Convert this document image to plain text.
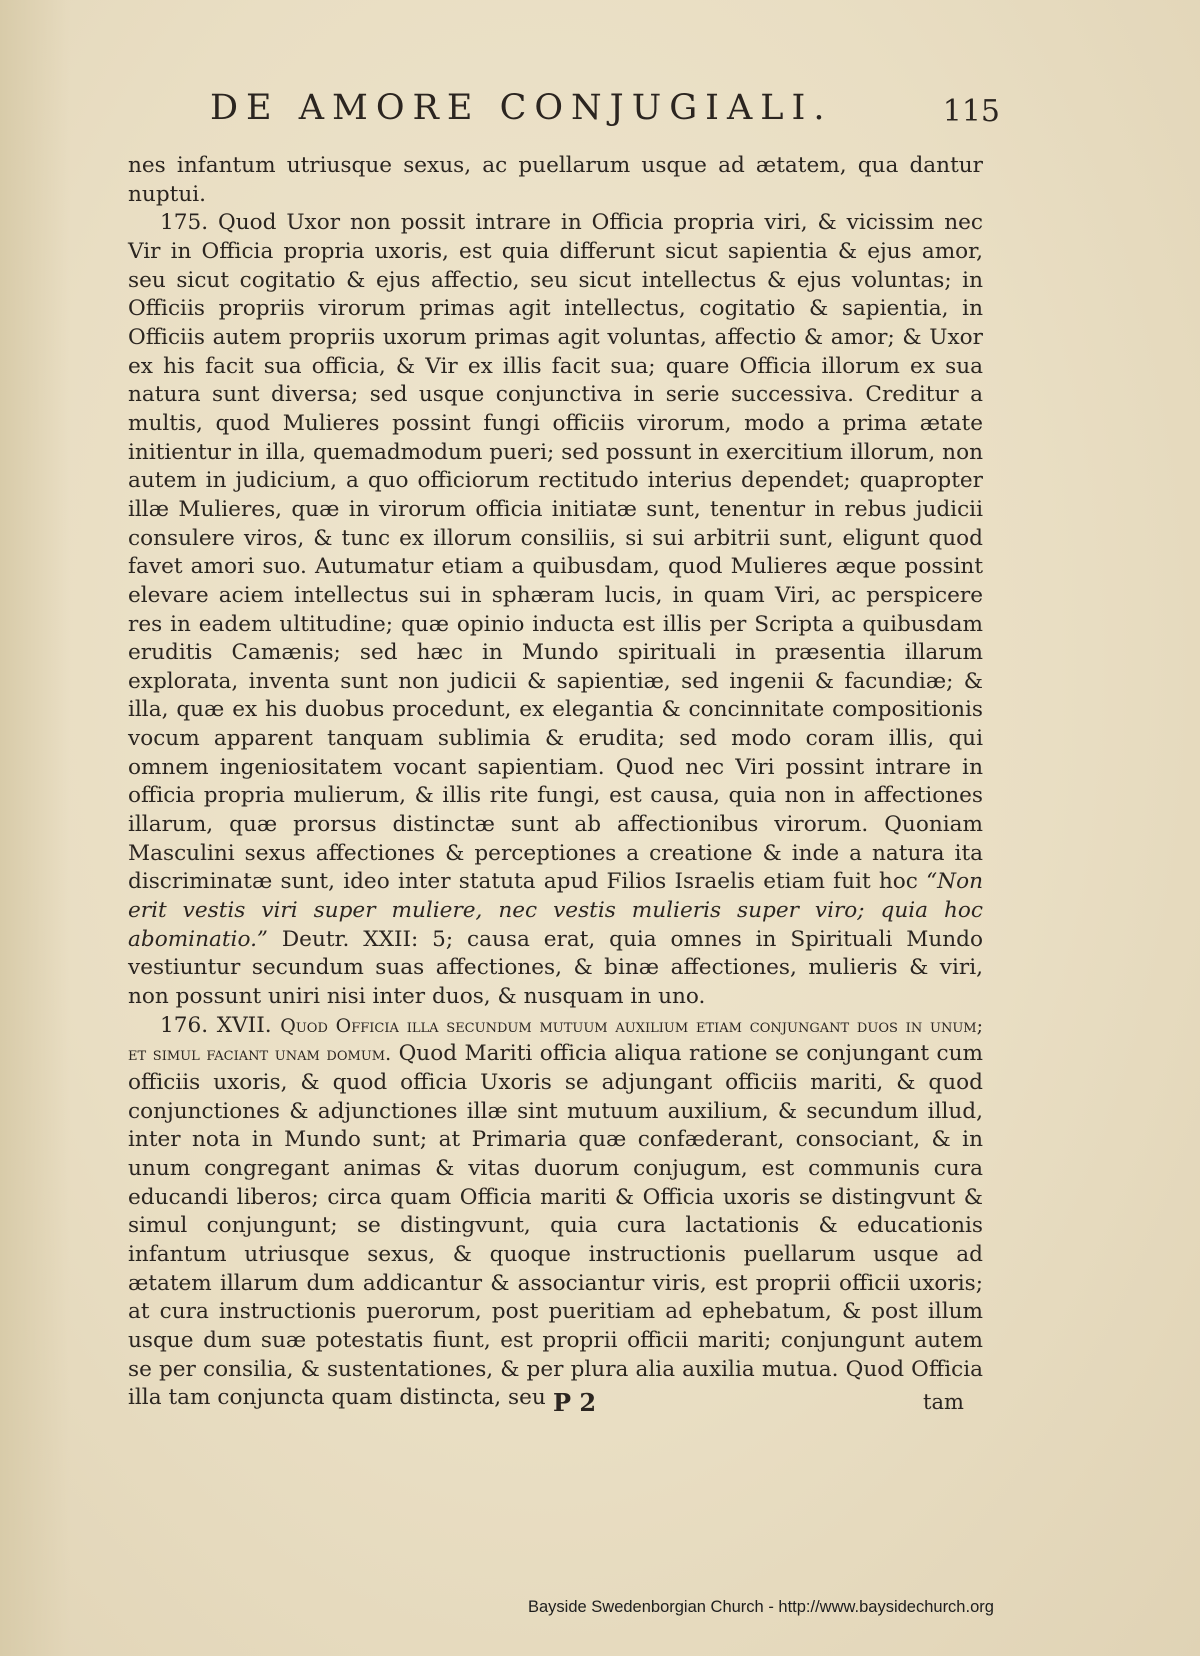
DE AMORE CONJUGIALI.	115

nes infantum utriusque sexus, ac puellarum usque ad ætatem, qua dantur nuptui.

175. Quod Uxor non possit intrare in Officia propria viri, & vicissim nec Vir in Officia propria uxoris, est quia differunt sicut sapientia & ejus amor, seu sicut cogitatio & ejus affectio, seu sicut intellectus & ejus voluntas; in Officiis propriis virorum primas agit intellectus, cogitatio & sapientia, in Officiis autem propriis uxorum primas agit voluntas, affectio & amor; & Uxor ex his facit sua officia, & Vir ex illis facit sua; quare Officia illorum ex sua natura sunt diversa; sed usque conjunctiva in serie successiva. Creditur a multis, quod Mulieres possint fungi officiis virorum, modo a prima ætate initientur in illa, quemadmodum pueri; sed possunt in exercitium illorum, non autem in judicium, a quo officiorum rectitudo interius dependet; quapropter illæ Mulieres, quæ in virorum officia initiatæ sunt, tenentur in rebus judicii consulere viros, & tunc ex illorum consiliis, si sui arbitrii sunt, eligunt quod favet amori suo. Autumatur etiam a quibusdam, quod Mulieres æque possint elevare aciem intellectus sui in sphæram lucis, in quam Viri, ac perspicere res in eadem ultitudine; quæ opinio inducta est illis per Scripta a quibusdam eruditis Camænis; sed hæc in Mundo spirituali in præsentia illarum explorata, inventa sunt non judicii & sapientiæ, sed ingenii & facundiæ; & illa, quæ ex his duobus procedunt, ex elegantia & concinnitate compositionis vocum apparent tanquam sublimia & erudita; sed modo coram illis, qui omnem ingeniositatem vocant sapientiam. Quod nec Viri possint intrare in officia propria mulierum, & illis rite fungi, est causa, quia non in affectiones illarum, quæ prorsus distinctæ sunt ab affectionibus virorum. Quoniam Masculini sexus affectiones & perceptiones a creatione & inde a natura ita discriminatæ sunt, ideo inter statuta apud Filios Israelis etiam fuit hoc “Non erit vestis viri super muliere, nec vestis mulieris super viro; quia hoc abominatio.” Deutr. XXII: 5; causa erat, quia omnes in Spirituali Mundo vestiuntur secundum suas affectiones, & binæ affectiones, mulieris & viri, non possunt uniri nisi inter duos, & nusquam in uno.

176. XVII. Quod Officia illa secundum mutuum auxilium etiam conjungant duos in unum; et simul faciant unam domum. Quod Mariti officia aliqua ratione se conjungant cum officiis uxoris, & quod officia Uxoris se adjungant officiis mariti, & quod conjunctiones & adjunctiones illæ sint mutuum auxilium, & secundum illud, inter nota in Mundo sunt; at Primaria quæ confæderant, consociant, & in unum congregant animas & vitas duorum conjugum, est communis cura educandi liberos; circa quam Officia mariti & Officia uxoris se distingvunt & simul conjungunt; se distingvunt, quia cura lactationis & educationis infantum utriusque sexus, & quoque instructionis puellarum usque ad ætatem illarum dum addicantur & associantur viris, est proprii officii uxoris; at cura instructionis puerorum, post pueritiam ad ephebatum, & post illum usque dum suæ potestatis fiunt, est proprii officii mariti; conjungunt autem se per consilia, & sustentationes, & per plura alia auxilia mutua. Quod Officia illa tam conjuncta quam distincta, seu P 2	tam
Bayside Swedenborgian Church - http://www.baysidechurch.org
